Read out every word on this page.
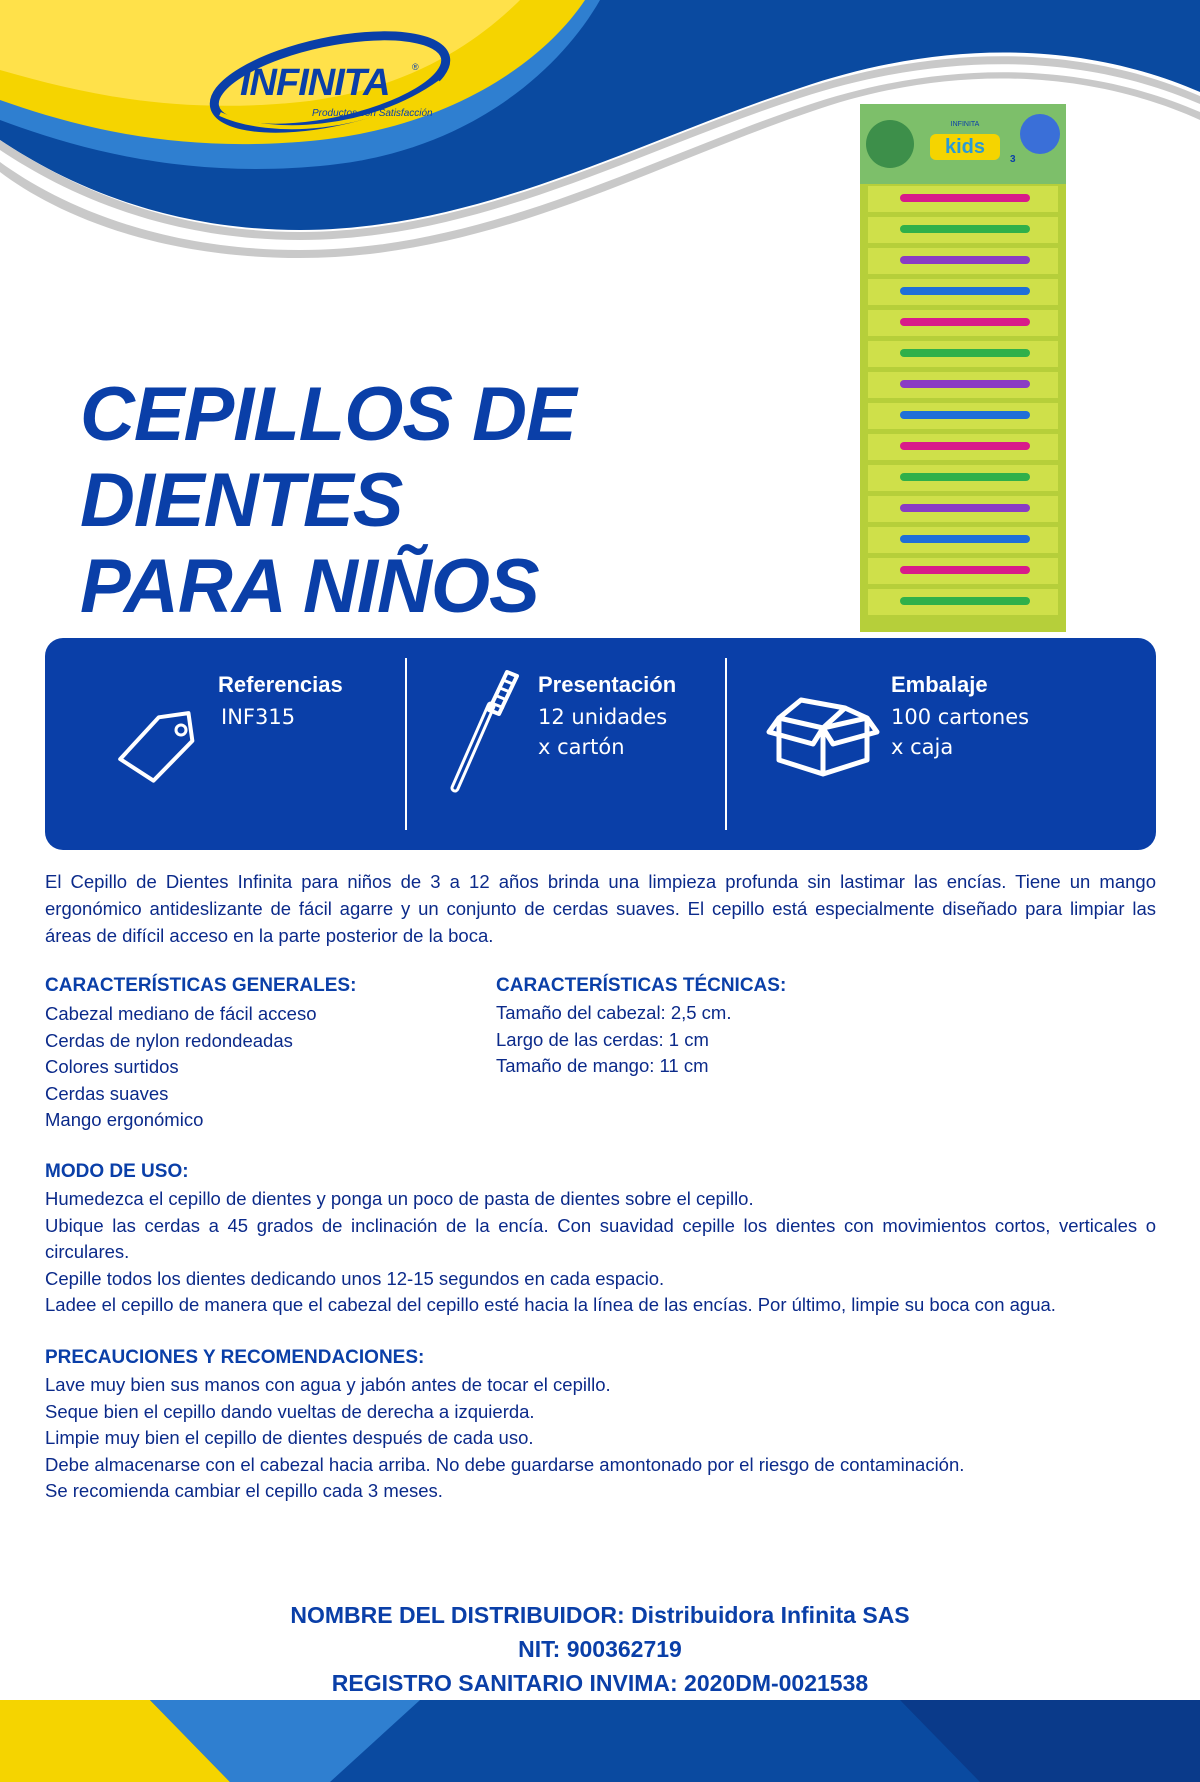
INFINITA ®
Productos con Satisfacción
kids
INFINITA
3
CEPILLOS DE DIENTES
PARA NIÑOS
Referencias
INF315
Presentación
12 unidades
x cartón
Embalaje
100 cartones
x caja

El Cepillo de Dientes Infinita para niños de 3 a 12 años brinda una limpieza profunda sin lastimar las encías. Tiene un mango ergonómico antideslizante de fácil agarre y un conjunto de cerdas suaves. El cepillo está especialmente diseñado para limpiar las áreas de difícil acceso en la parte posterior de la boca.

CARACTERÍSTICAS GENERALES:
Cabezal mediano de fácil acceso
Cerdas de nylon redondeadas
Colores surtidos
Cerdas suaves
Mango ergonómico
CARACTERÍSTICAS TÉCNICAS:
Tamaño del cabezal: 2,5 cm.
Largo de las cerdas: 1 cm
Tamaño de mango: 11 cm
MODO DE USO:
Humedezca el cepillo de dientes y ponga un poco de pasta de dientes sobre el cepillo.
Ubique las cerdas a 45 grados de inclinación de la encía. Con suavidad cepille los dientes con movimientos cortos, verticales o circulares.
Cepille todos los dientes dedicando unos 12-15 segundos en cada espacio.
Ladee el cepillo de manera que el cabezal del cepillo esté hacia la línea de las encías. Por último, limpie su boca con agua.
PRECAUCIONES Y RECOMENDACIONES:
Lave muy bien sus manos con agua y jabón antes de tocar el cepillo.
Seque bien el cepillo dando vueltas de derecha a izquierda.
Limpie muy bien el cepillo de dientes después de cada uso.
Debe almacenarse con el cabezal hacia arriba. No debe guardarse amontonado por el riesgo de contaminación.
Se recomienda cambiar el cepillo cada 3 meses.
NOMBRE DEL DISTRIBUIDOR: Distribuidora Infinita SAS
NIT: 900362719
REGISTRO SANITARIO INVIMA: 2020DM-0021538
